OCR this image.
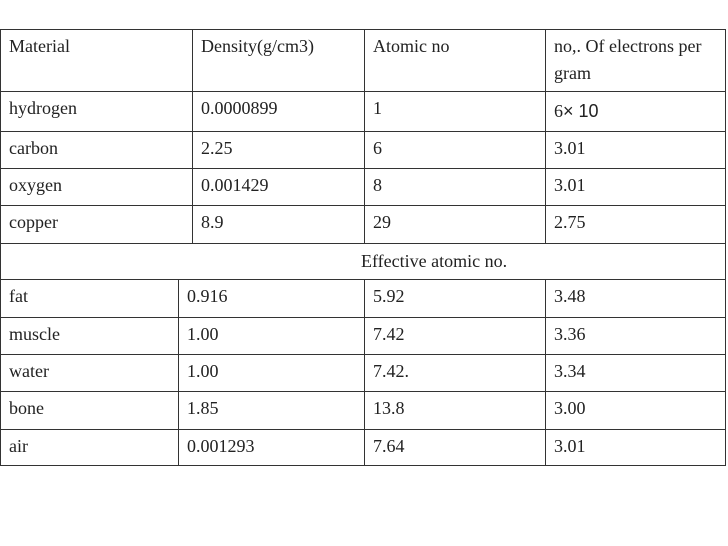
Material	Density(g/cm3)	Atomic no	no,. Of electrons per gram
hydrogen	0.0000899	1	6× 10
carbon	2.25	6	3.01
oxygen	0.001429	8	3.01
copper	8.9	29	2.75
Effective atomic no.
fat	0.916	5.92	3.48
muscle	1.00	7.42	3.36
water	1.00	7.42.	3.34
bone	1.85	13.8	3.00
air	0.001293	7.64	3.01
